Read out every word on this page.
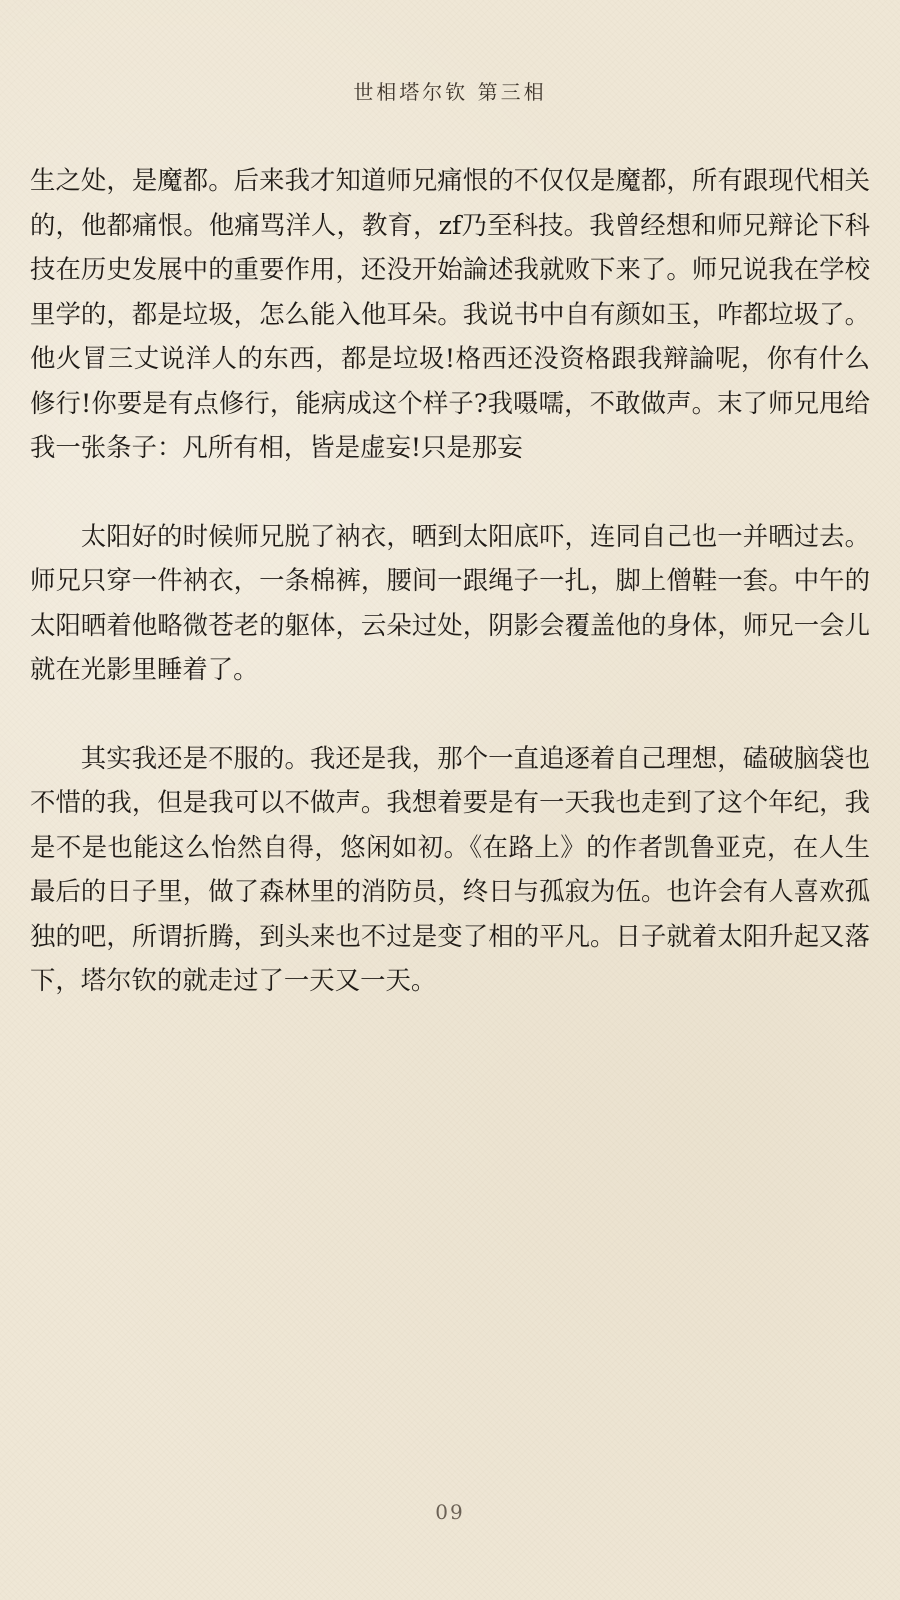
世相塔尔钦 第三相

生之处，是魔都。后来我才知道师兄痛恨的不仅仅是魔都，所有跟现代相关的，他都痛恨。他痛骂洋人，教育，zf乃至科技。我曾经想和师兄辩论下科技在历史发展中的重要作用，还没开始論述我就败下来了。师兄说我在学校里学的，都是垃圾，怎么能入他耳朵。我说书中自有颜如玉，咋都垃圾了。他火冒三丈说洋人的东西，都是垃圾!格西还没资格跟我辩論呢，你有什么修行!你要是有点修行，能病成这个样子?我嗫嚅，不敢做声。末了师兄甩给我一张条子：凡所有相，皆是虚妄!只是那妄

太阳好的时候师兄脱了衲衣，晒到太阳底吓，连同自己也一并晒过去。师兄只穿一件衲衣，一条棉裤，腰间一跟绳子一扎，脚上僧鞋一套。中午的太阳晒着他略微苍老的躯体，云朵过处，阴影会覆盖他的身体，师兄一会儿就在光影里睡着了。

其实我还是不服的。我还是我，那个一直追逐着自己理想，磕破脑袋也不惜的我，但是我可以不做声。我想着要是有一天我也走到了这个年纪，我是不是也能这么怡然自得，悠闲如初。《在路上》的作者凯鲁亚克，在人生最后的日子里，做了森林里的消防员，终日与孤寂为伍。也许会有人喜欢孤独的吧，所谓折腾，到头来也不过是变了相的平凡。日子就着太阳升起又落下，塔尔钦的就走过了一天又一天。

09
